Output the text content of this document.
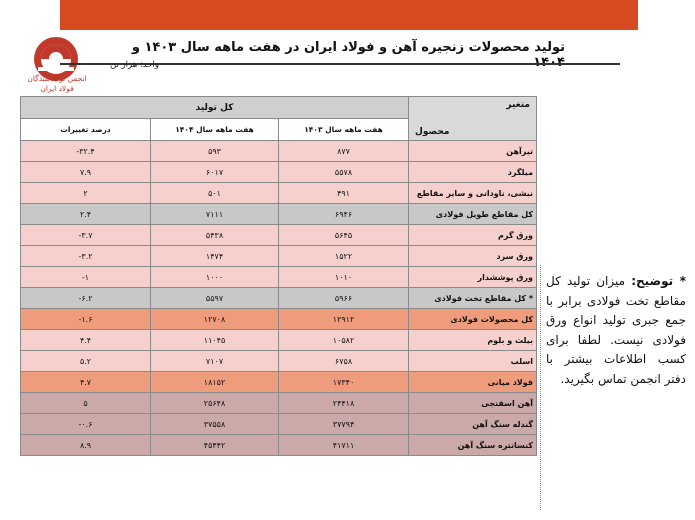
انجمن تولیدکنندگان
فولاد ایران
تولید محصولات زنجیره آهن و فولاد ایران در هفت ماهه سال ۱۴۰۳ و
واحد: هزار تن
متغیر
محصول	کل تولید		
	هفت ماهه سال ۱۴۰۳	هفت ماهه سال ۱۴۰۴	درصد تغییرات
تیرآهن	۸۷۷	۵۹۳	-۳۲.۴
میلگرد	۵۵۷۸	۶۰۱۷	۷.۹
نبشی، ناودانی و سایر مقاطع	۴۹۱	۵۰۱	۲
کل مقاطع طویل فولادی	۶۹۴۶	۷۱۱۱	۲.۴
ورق گرم	۵۶۴۵	۵۴۳۸	-۳.۷
ورق سرد	۱۵۲۲	۱۴۷۴	-۳.۲
ورق پوششدار	۱۰۱۰	۱۰۰۰	-۱
* کل مقاطع تخت فولادی	۵۹۶۶	۵۵۹۷	-۶.۲
کل محصولات فولادی	۱۲۹۱۲	۱۲۷۰۸	-۱.۶
بیلت و بلوم	۱۰۵۸۲	۱۱۰۴۵	۴.۴
اسلب	۶۷۵۸	۷۱۰۷	۵.۲
فولاد میانی	۱۷۳۴۰	۱۸۱۵۲	۴.۷
آهن اسفنجی	۲۴۴۱۸	۲۵۶۴۸	۵
گندله سنگ آهن	۳۷۷۹۴	۳۷۵۵۸	-۰.۶
کنسانتره سنگ آهن	۴۱۷۱۱	۴۵۴۴۲	۸.۹
* توضیح: میزان تولید کل مقاطع تخت فولادی برابر با جمع جبری تولید انواع ورق فولادی نیست. لطفا برای کسب اطلاعات بیشتر با دفتر انجمن تماس بگیرید.
